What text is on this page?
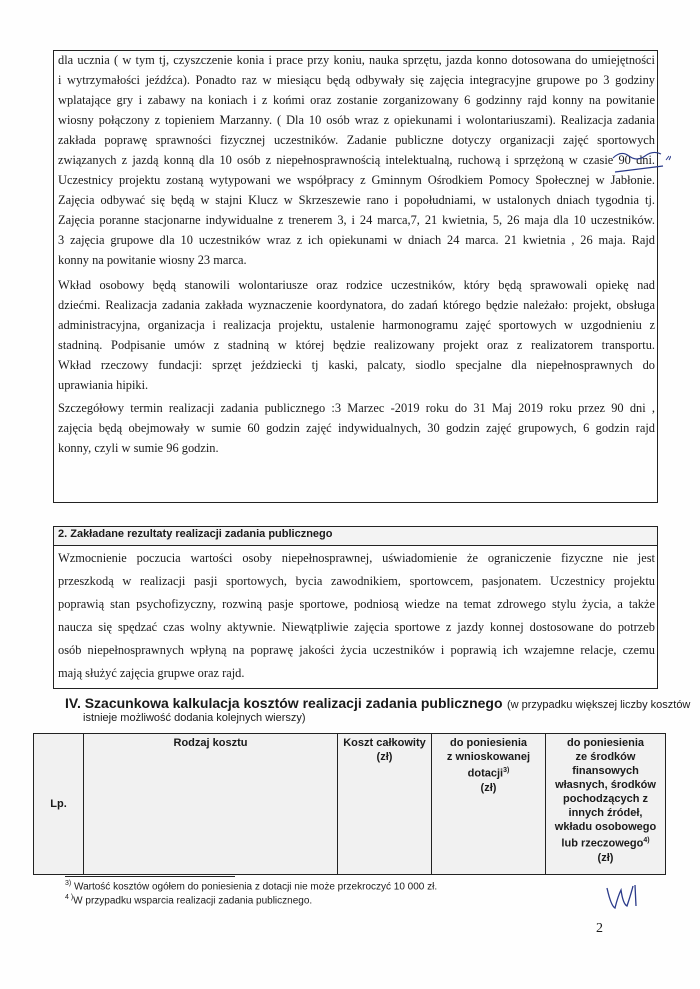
dla ucznia ( w tym tj, czyszczenie konia i prace przy koniu, nauka sprzętu, jazda konno dotosowana do umiejętności

i wytrzymałości jeźdźca). Ponadto raz w miesiącu będą odbywały się zajęcia integracyjne grupowe po 3 godziny

wplatające gry i zabawy na koniach i z końmi oraz zostanie zorganizowany 6 godzinny rajd konny na powitanie

wiosny połączony z topieniem Marzanny. ( Dla 10 osób wraz z opiekunami i wolontariuszami). Realizacja zadania

zakłada poprawę sprawności fizycznej uczestników. Zadanie publiczne dotyczy organizacji zajęć sportowych

związanych z jazdą konną dla 10 osób z niepełnosprawnością intelektualną, ruchową i sprzężoną w czasie 90 dni.

Uczestnicy projektu zostaną wytypowani we współpracy z Gminnym Ośrodkiem Pomocy Społecznej w Jabłonie.

Zajęcia odbywać się będą w stajni Klucz w Skrzeszewie rano i popołudniami, w ustalonych dniach tygodnia tj.

Zajęcia poranne stacjonarne indywidualne z trenerem 3, i 24 marca,7, 21 kwietnia, 5, 26 maja dla 10 uczestników.

3 zajęcia grupowe dla 10 uczestników wraz z ich opiekunami w dniach 24 marca. 21 kwietnia , 26 maja. Rajd

konny na powitanie wiosny 23 marca.

Wkład osobowy będą stanowili wolontariusze oraz rodzice uczestników, który będą sprawowali opiekę nad

dziećmi. Realizacja zadania zakłada wyznaczenie koordynatora, do zadań którego będzie należało: projekt, obsługa

administracyjna, organizacja i realizacja projektu, ustalenie harmonogramu zajęć sportowych w uzgodnieniu z

stadniną. Podpisanie umów z stadniną w której będzie realizowany projekt oraz z realizatorem transportu.

Wkład rzeczowy fundacji: sprzęt jeździecki tj kaski, palcaty, siodlo specjalne dla niepełnosprawnych do

uprawiania hipiki.

Szczegółowy termin realizacji zadania publicznego :3 Marzec -2019 roku do 31 Maj 2019 roku przez 90 dni ,

zajęcia będą obejmowały w sumie 60 godzin zajęć indywidualnych, 30 godzin zajęć grupowych, 6 godzin rajd

konny, czyli w sumie 96 godzin.

2. Zakładane rezultaty realizacji zadania publicznego

Wzmocnienie poczucia wartości osoby niepełnosprawnej, uświadomienie że ograniczenie fizyczne nie jest

przeszkodą w realizacji pasji sportowych, bycia zawodnikiem, sportowcem, pasjonatem. Uczestnicy projektu

poprawią stan psychofizyczny, rozwiną pasje sportowe, podniosą wiedze na temat zdrowego stylu życia, a także

naucza się spędzać czas wolny aktywnie. Niewątpliwie zajęcia sportowe z jazdy konnej dostosowane do potrzeb

osób niepełnosprawnych wpłyną na poprawę jakości życia uczestników i poprawią ich wzajemne relacje, czemu

mają służyć zajęcia grupwe oraz rajd.

IV. Szacunkowa kalkulacja kosztów realizacji zadania publicznego (w przypadku większej liczby kosztów

istnieje możliwość dodania kolejnych wierszy)

Lp.	Rodzaj kosztu	Koszt całkowity
(zł)	do poniesienia
z wnioskowanej
dotacji$^{3)}$
(zł)	do poniesienia
ze środków
finansowych
własnych, środków
pochodzących z
innych źródeł,
wkładu osobowego
lub rzeczowego$^{4)}$
(zł)

$^{3)}$ Wartość kosztów ogółem do poniesienia z dotacji nie może przekroczyć 10 000 zł.

$^{4 )}$W przypadku wsparcia realizacji zadania publicznego.

2
